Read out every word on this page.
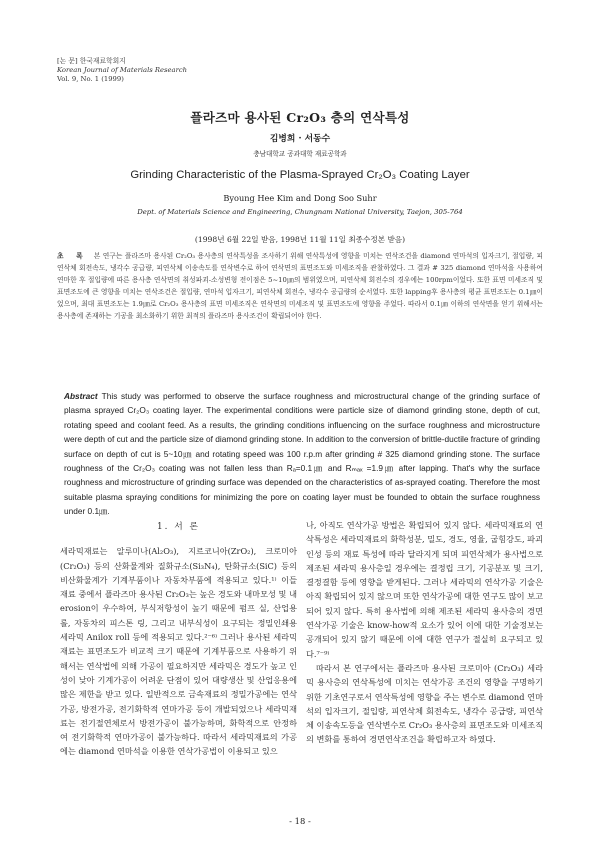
[논 문] 한국재료학회지
Korean Journal of Materials Research
Vol. 9, No. 1 (1999)
플라즈마 용사된 Cr₂O₃ 층의 연삭특성
김병희 · 서동수
충남대학교 공과대학 재료공학과
Grinding Characteristic of the Plasma-Sprayed Cr₂O₃ Coating Layer
Byoung Hee Kim and Dong Soo Suhr
Dept. of Materials Science and Engineering, Chungnam National University, Taejon, 305-764
(1998년 6월 22일 받음, 1998년 11월 11일 최종수정본 받음)
초 록 본 연구는 플라즈마 용사된 Cr₂O₃ 용사층의 연삭특성을 조사하기 위해 연삭특성에 영향을 미치는 연삭조건을 diamond 연마석의 입자크기, 절입량, 피연삭체 회전속도, 냉각수 공급량, 피연삭체 이송속도를 연삭변수로 하여 연삭면의 표면조도와 미세조직을 관찰하였다. 그 결과 # 325 diamond 연마석을 사용하여 연마한 후 절입량에 따른 용사층 연삭면의 취성파괴-소성변형 전이점은 5~10㎛의 범위였으며, 피연삭체 회전수의 경우에는 100rpm이었다. 또한 표면 미세조직 및 표면조도에 큰 영향을 미치는 연삭조건은 절입량, 연마석 입자크기, 피연삭체 회전수, 냉각수 공급량의 순서였다. 또한 lapping후 용사층의 평균 표면조도는 0.1㎛이었으며, 최대 표면조도는 1.9㎛로 Cr₂O₃ 용사층의 표면 미세조직은 연삭면의 미세조직 및 표면조도에 영향을 주었다. 따라서 0.1㎛ 이하의 연삭면을 얻기 위해서는 용사층에 존재하는 기공을 최소화하기 위한 최적의 플라즈마 용사조건이 확립되어야 한다.
Abstract This study was performed to observe the surface roughness and microstructural change of the grinding surface of plasma sprayed Cr₂O₃ coating layer. The experimental conditions were particle size of diamond grinding stone, depth of cut, rotating speed and coolant feed. As a results, the grinding conditions influencing on the surface roughness and microstructure were depth of cut and the particle size of diamond grinding stone. In addition to the conversion of brittle-ductile fracture of grinding surface on depth of cut is 5~10㎛ and rotating speed was 100 r.p.m after grinding # 325 diamond grinding stone. The surface roughness of the Cr₂O₃ coating was not fallen less than Rₐ=0.1㎛ and Rₘₐₓ =1.9㎛ after lapping. That's why the surface roughness and microstructure of grinding surface was depended on the characteristics of as-sprayed coating. Therefore the most suitable plasma spraying conditions for minimizing the pore on coating layer must be founded to obtain the surface roughness under 0.1㎛.
1. 서 론

세라믹재료는 알루미나(Al₂O₃), 지르코니아(ZrO₂), 크로미아(Cr₂O₃) 등의 산화물계와 질화규소(Si₃N₄), 탄화규소(SiC) 등의 비산화물계가 기계부품이나 자동차부품에 적용되고 있다.¹⁾ 이들 재료 중에서 플라즈마 용사된 Cr₂O₃는 높은 경도와 내마모성 및 내 erosion이 우수하여, 부식저항성이 높기 때문에 펌프 실, 산업용 롤, 자동차의 피스톤 링, 그리고 내부식성이 요구되는 정밀인쇄용 세라믹 Anilox roll 등에 적용되고 있다.²⁻⁶⁾ 그러나 용사된 세라믹재료는 표면조도가 비교적 크기 때문에 기계부품으로 사용하기 위해서는 연삭법에 의해 가공이 필요하지만 세라믹은 경도가 높고 인성이 낮아 기계가공이 어려운 단점이 있어 대량생산 및 산업응용에 많은 제한을 받고 있다. 일반적으로 금속재료의 정밀가공에는 연삭가공, 방전가공, 전기화학적 연마가공 등이 개발되었으나 세라믹재료는 전기절연체로서 방전가공이 불가능하며, 화학적으로 안정하여 전기화학적 연마가공이 불가능하다. 따라서 세라믹재료의 가공에는 diamond 연마석을 이용한 연삭가공법이 이용되고 있으

나, 아직도 연삭가공 방법은 확립되어 있지 않다. 세라믹재료의 연삭특성은 세라믹재료의 화학성분, 밀도, 경도, 영율, 굽힘강도, 파괴인성 등의 재료 특성에 따라 달라지게 되며 피연삭체가 용사법으로 제조된 세라믹 용사층일 경우에는 결정립 크기, 기공분포 및 크기, 결정결함 등에 영향을 받게된다. 그러나 세라믹의 연삭가공 기술은 아직 확립되어 있지 않으며 또한 연삭가공에 대한 연구도 많이 보고되어 있지 않다. 특히 용사법에 의해 제조된 세라믹 용사층의 경면 연삭가공 기술은 know-how적 요소가 있어 이에 대한 기술정보는 공개되어 있지 않기 때문에 이에 대한 연구가 절실히 요구되고 있다.⁷⁻⁹⁾

따라서 본 연구에서는 플라즈마 용사된 크로미아 (Cr₂O₃) 세라믹 용사층의 연삭특성에 미치는 연삭가공 조건의 영향을 구명하기 위한 기초연구로서 연삭특성에 영향을 주는 변수로 diamond 연마석의 입자크기, 절입량, 피연삭체 회전속도, 냉각수 공급량, 피연삭체 이송속도등을 연삭변수로 Cr₂O₃ 용사층의 표면조도와 미세조직의 변화를 통하여 경면연삭조건을 확립하고자 하였다.

- 18 -
